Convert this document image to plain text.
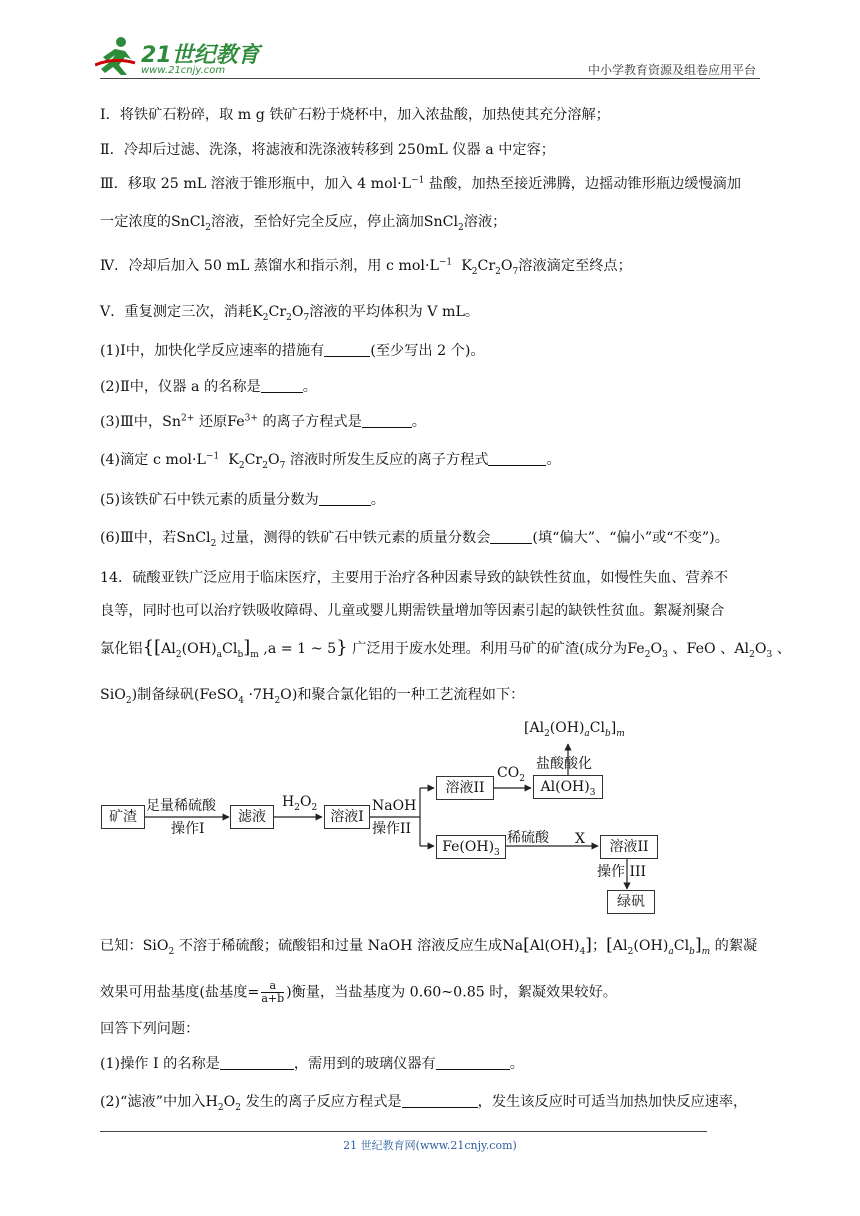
21世纪教育
www.21cnjy.com	中小学教育资源及组卷应用平台
Ⅰ．将铁矿石粉碎，取 m g 铁矿石粉于烧杯中，加入浓盐酸，加热使其充分溶解；
Ⅱ．冷却后过滤、洗涤，将滤液和洗涤液转移到 250mL 仪器 a 中定容；
Ⅲ．移取 25 mL 溶液于锥形瓶中，加入 4 $mol\cdot L^{-1}$ 盐酸，加热至接近沸腾，边摇动锥形瓶边缓慢滴加
一定浓度的SnCl$_2$溶液，至恰好完全反应，停止滴加SnCl$_2$溶液；
Ⅳ．冷却后加入 50 mL 蒸馏水和指示剂，用 c $mol\cdot L^{-1}$  $K_2Cr_2O_7$溶液滴定至终点；
V．重复测定三次，消耗$K_2Cr_2O_7$溶液的平均体积为 V mL。
(1)Ⅰ中，加快化学反应速率的措施有	(至少写出 2 个)。
(2)Ⅱ中，仪器 a 的名称是	。
(3)Ⅲ中，$Sn^{2+}$ 还原$Fe^{3+}$ 的离子方程式是	。
(4)滴定 c $mol\cdot L^{-1}$  $K_2Cr_2O_7$ 溶液时所发生反应的离子方程式	。
(5)该铁矿石中铁元素的质量分数为	。
(6)Ⅲ中，若SnCl$_2$ 过量，测得的铁矿石中铁元素的质量分数会	(填“偏大”、“偏小”或“不变”)。
14．硫酸亚铁广泛应用于临床医疗，主要用于治疗各种因素导致的缺铁性贫血，如慢性失血、营养不
良等，同时也可以治疗铁吸收障碍、儿童或婴儿期需铁量增加等因素引起的缺铁性贫血。絮凝剂聚合
氯化铝{$[Al_2(OH)_aCl_b]_m$ ,a = 1 ~ 5} 广泛用于废水处理。利用马矿的矿渣(成分为$Fe_2O_3$ 、FeO 、$Al_2O_3$ 、
SiO$_2$)制备绿矾(FeSO$_4$ $\cdot 7H_2O$)和聚合氯化铝的一种工艺流程如下：
矿渣
足量稀硫酸
操作I
滤液
$H_2O_2$
溶液I
NaOH
操作II
溶液II
$CO_2$
$Al(OH)_3$
盐酸酸化
$[Al_2(OH)_aCl_b]_m$
$Fe(OH)_3$
稀硫酸 X	溶液II
操作 III
绿矾
已知：SiO$_2$ 不溶于稀硫酸；硫酸铝和过量 NaOH 溶液反应生成$Na[Al(OH)_4]$；$[Al_2(OH)_aCl_b]_m$ 的絮凝
效果可用盐基度(盐基度= $\frac{a}{a+b}$ )衡量，当盐基度为 0.60~0.85 时，絮凝效果较好。
回答下列问题：
(1)操作 I 的名称是	，需用到的玻璃仪器有	。
(2)“滤液”中加入$H_2O_2$ 发生的离子反应方程式是	，发生该反应时可适当加热加快反应速率，
21 世纪教育网(www.21cnjy.com)
